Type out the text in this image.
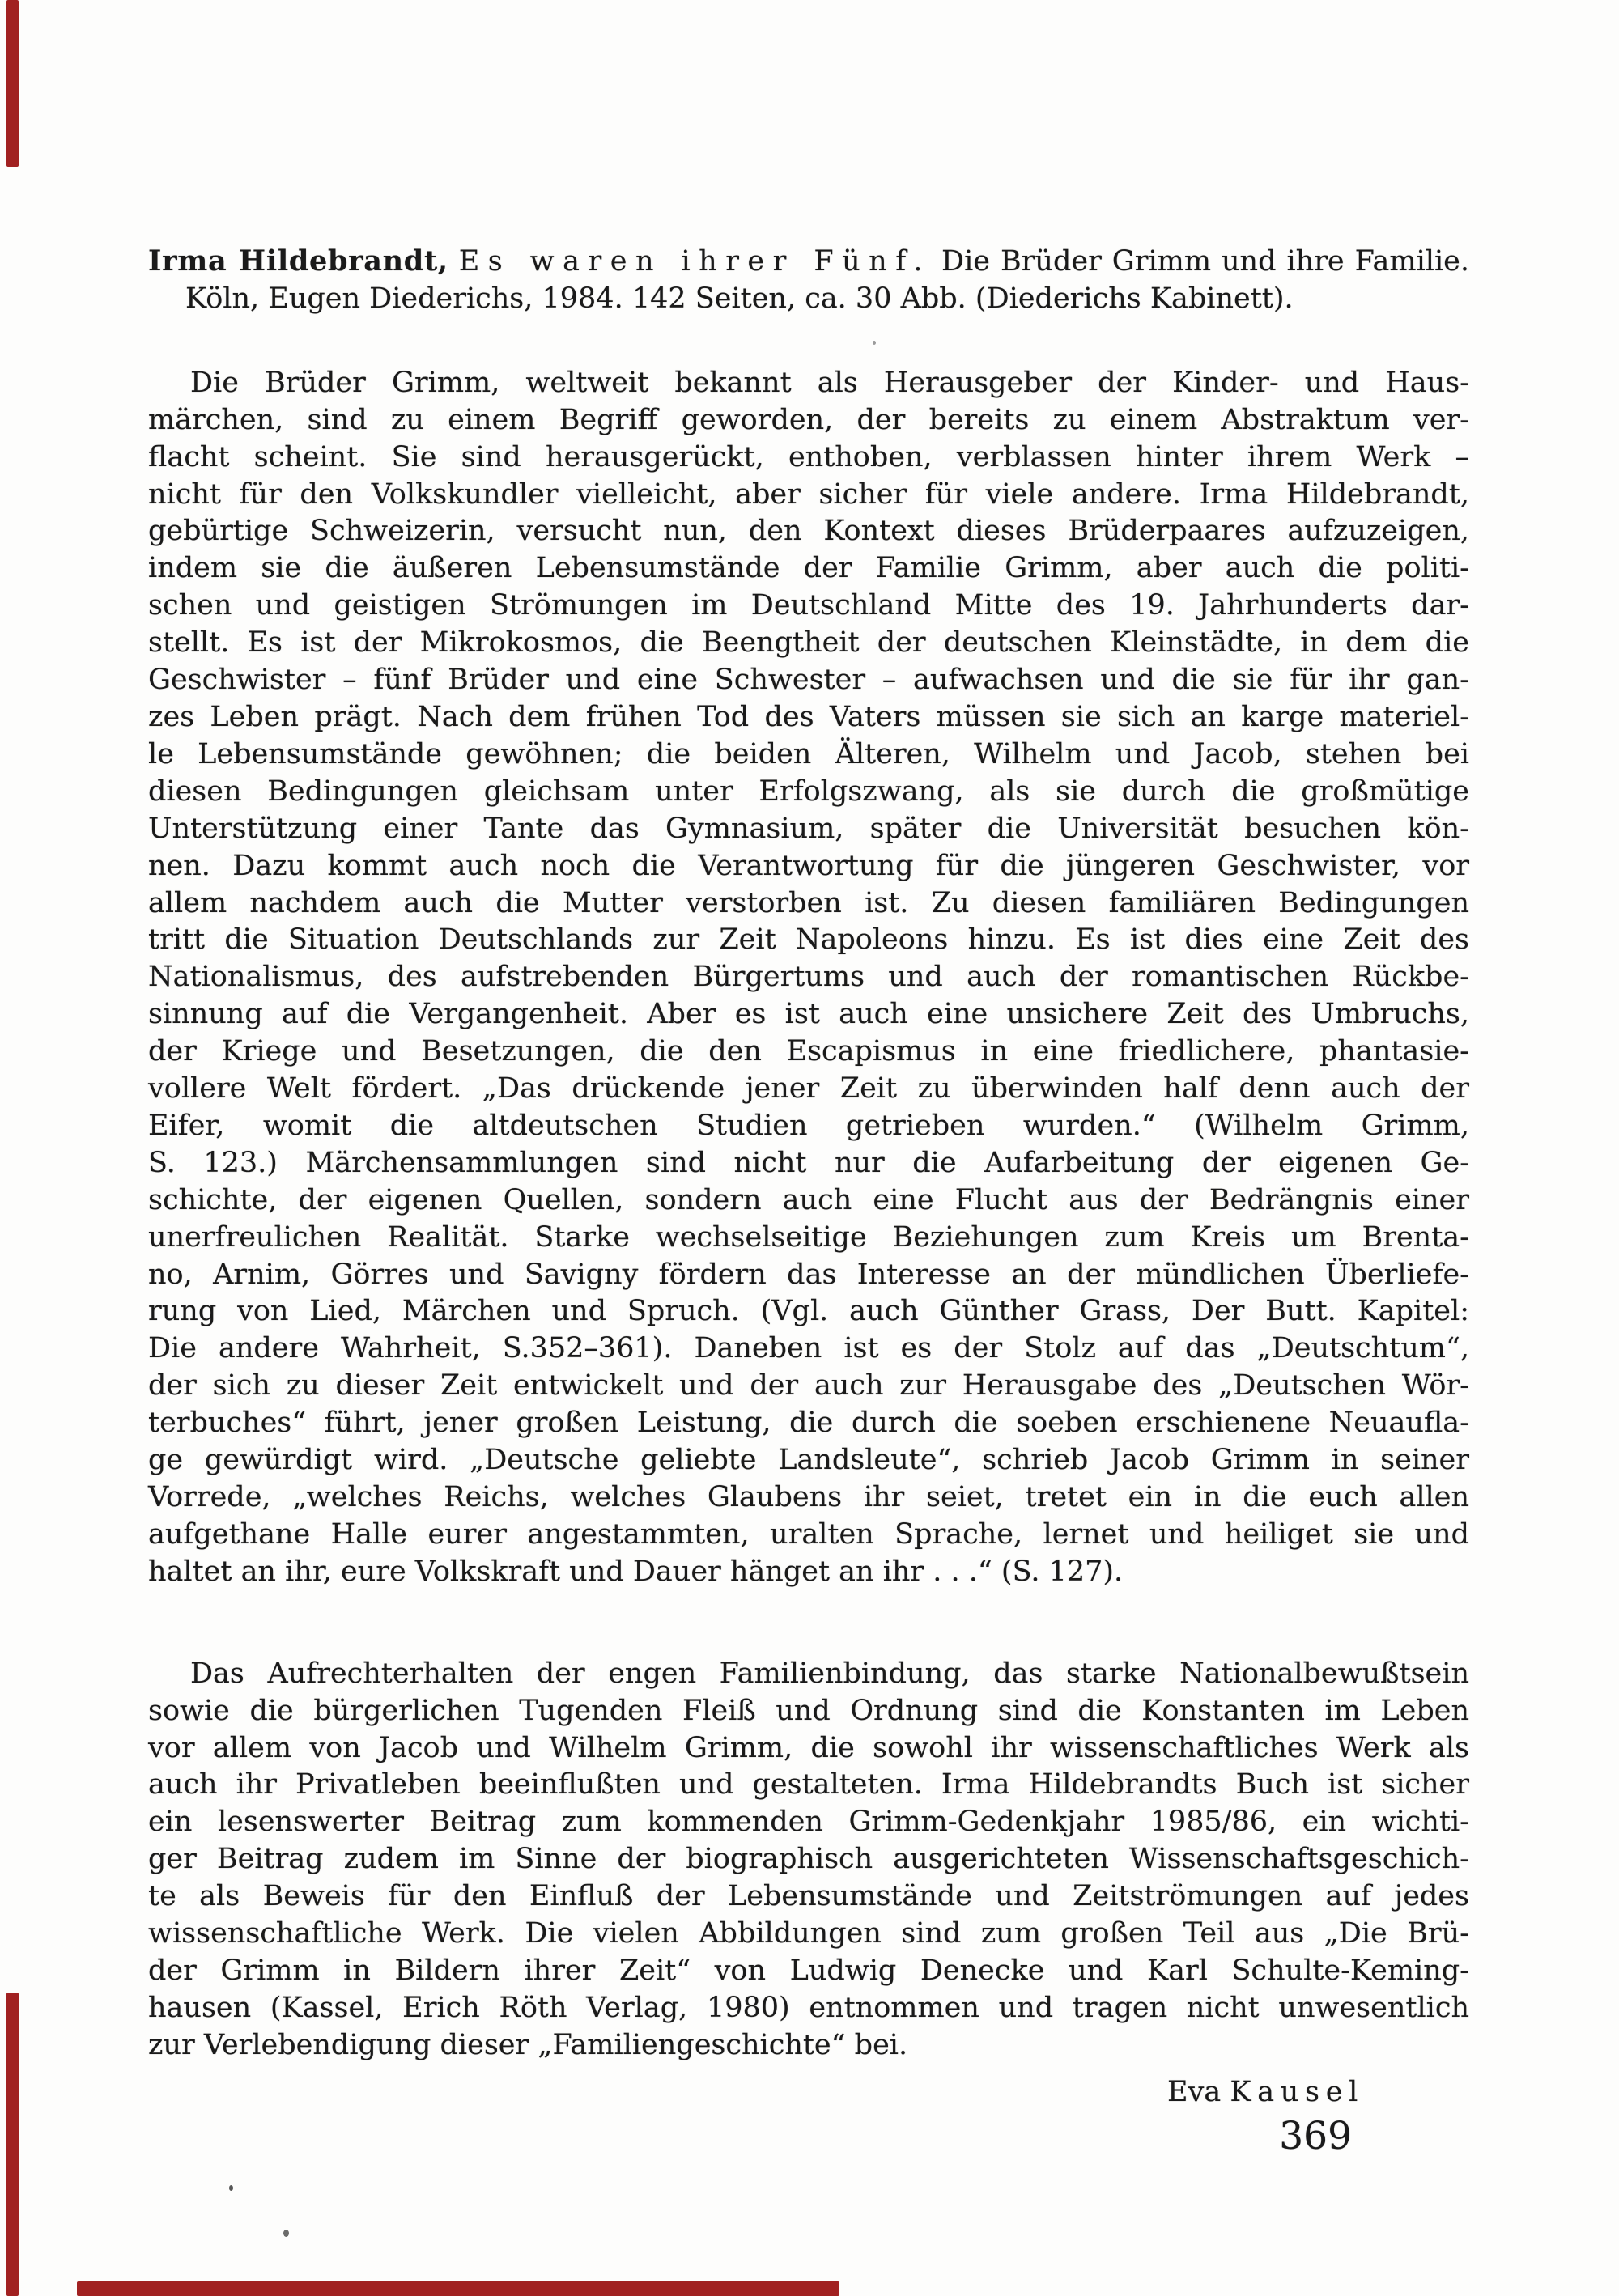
Irma Hildebrandt, Es waren ihrer Fünf. Die Brüder Grimm und ihre Familie.
Köln, Eugen Diederichs, 1984. 142 Seiten, ca. 30 Abb. (Diederichs Kabinett).
Die Brüder Grimm, weltweit bekannt als Herausgeber der Kinder- und Haus-
märchen, sind zu einem Begriff geworden, der bereits zu einem Abstraktum ver-
flacht scheint. Sie sind herausgerückt, enthoben, verblassen hinter ihrem Werk –
nicht für den Volkskundler vielleicht, aber sicher für viele andere. Irma Hildebrandt,
gebürtige Schweizerin, versucht nun, den Kontext dieses Brüderpaares aufzuzeigen,
indem sie die äußeren Lebensumstände der Familie Grimm, aber auch die politi-
schen und geistigen Strömungen im Deutschland Mitte des 19. Jahrhunderts dar-
stellt. Es ist der Mikrokosmos, die Beengtheit der deutschen Kleinstädte, in dem die
Geschwister – fünf Brüder und eine Schwester – aufwachsen und die sie für ihr gan-
zes Leben prägt. Nach dem frühen Tod des Vaters müssen sie sich an karge materiel-
le Lebensumstände gewöhnen; die beiden Älteren, Wilhelm und Jacob, stehen bei
diesen Bedingungen gleichsam unter Erfolgszwang, als sie durch die großmütige
Unterstützung einer Tante das Gymnasium, später die Universität besuchen kön-
nen. Dazu kommt auch noch die Verantwortung für die jüngeren Geschwister, vor
allem nachdem auch die Mutter verstorben ist. Zu diesen familiären Bedingungen
tritt die Situation Deutschlands zur Zeit Napoleons hinzu. Es ist dies eine Zeit des
Nationalismus, des aufstrebenden Bürgertums und auch der romantischen Rückbe-
sinnung auf die Vergangenheit. Aber es ist auch eine unsichere Zeit des Umbruchs,
der Kriege und Besetzungen, die den Escapismus in eine friedlichere, phantasie-
vollere Welt fördert. „Das drückende jener Zeit zu überwinden half denn auch der
Eifer, womit die altdeutschen Studien getrieben wurden.“ (Wilhelm Grimm,
S. 123.) Märchensammlungen sind nicht nur die Aufarbeitung der eigenen Ge-
schichte, der eigenen Quellen, sondern auch eine Flucht aus der Bedrängnis einer
unerfreulichen Realität. Starke wechselseitige Beziehungen zum Kreis um Brenta-
no, Arnim, Görres und Savigny fördern das Interesse an der mündlichen Überliefe-
rung von Lied, Märchen und Spruch. (Vgl. auch Günther Grass, Der Butt. Kapitel:
Die andere Wahrheit, S.352–361). Daneben ist es der Stolz auf das „Deutschtum“,
der sich zu dieser Zeit entwickelt und der auch zur Herausgabe des „Deutschen Wör-
terbuches“ führt, jener großen Leistung, die durch die soeben erschienene Neuaufla-
ge gewürdigt wird. „Deutsche geliebte Landsleute“, schrieb Jacob Grimm in seiner
Vorrede, „welches Reichs, welches Glaubens ihr seiet, tretet ein in die euch allen
aufgethane Halle eurer angestammten, uralten Sprache, lernet und heiliget sie und
haltet an ihr, eure Volkskraft und Dauer hänget an ihr . . .“ (S. 127).
Das Aufrechterhalten der engen Familienbindung, das starke Nationalbewußtsein
sowie die bürgerlichen Tugenden Fleiß und Ordnung sind die Konstanten im Leben
vor allem von Jacob und Wilhelm Grimm, die sowohl ihr wissenschaftliches Werk als
auch ihr Privatleben beeinflußten und gestalteten. Irma Hildebrandts Buch ist sicher
ein lesenswerter Beitrag zum kommenden Grimm-Gedenkjahr 1985/86, ein wichti-
ger Beitrag zudem im Sinne der biographisch ausgerichteten Wissenschaftsgeschich-
te als Beweis für den Einfluß der Lebensumstände und Zeitströmungen auf jedes
wissenschaftliche Werk. Die vielen Abbildungen sind zum großen Teil aus „Die Brü-
der Grimm in Bildern ihrer Zeit“ von Ludwig Denecke und Karl Schulte-Keming-
hausen (Kassel, Erich Röth Verlag, 1980) entnommen und tragen nicht unwesentlich
zur Verlebendigung dieser „Familiengeschichte“ bei.
Eva Kausel
369
